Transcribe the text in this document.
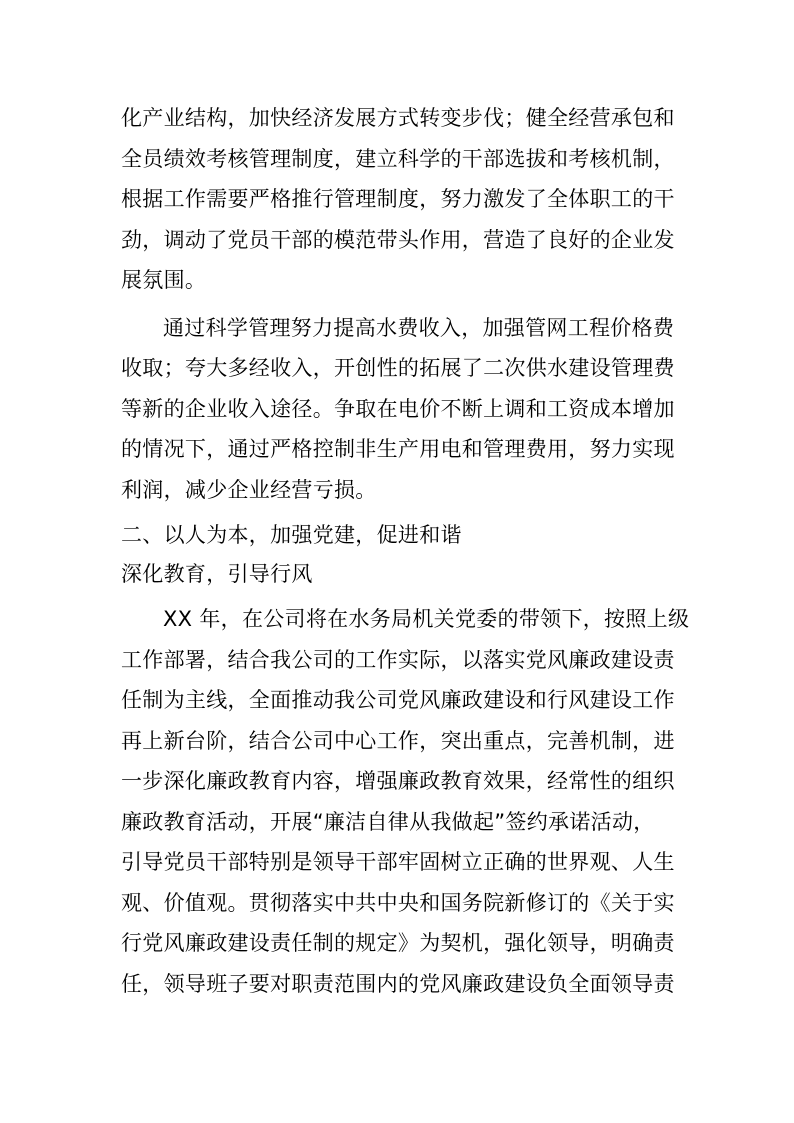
化产业结构，加快经济发展方式转变步伐；健全经营承包和

全员绩效考核管理制度，建立科学的干部选拔和考核机制，

根据工作需要严格推行管理制度，努力激发了全体职工的干

劲，调动了党员干部的模范带头作用，营造了良好的企业发

展氛围。

通过科学管理努力提高水费收入，加强管网工程价格费

收取；夸大多经收入，开创性的拓展了二次供水建设管理费

等新的企业收入途径。争取在电价不断上调和工资成本增加

的情况下，通过严格控制非生产用电和管理费用，努力实现

利润，减少企业经营亏损。

二、以人为本，加强党建，促进和谐

深化教育，引导行风

XX 年，在公司将在水务局机关党委的带领下，按照上级

工作部署，结合我公司的工作实际，以落实党风廉政建设责

任制为主线，全面推动我公司党风廉政建设和行风建设工作

再上新台阶，结合公司中心工作，突出重点，完善机制，进

一步深化廉政教育内容，增强廉政教育效果，经常性的组织

廉政教育活动，开展“廉洁自律从我做起”签约承诺活动，

引导党员干部特别是领导干部牢固树立正确的世界观、人生

观、价值观。贯彻落实中共中央和国务院新修订的《关于实

行党风廉政建设责任制的规定》为契机，强化领导，明确责

任，领导班子要对职责范围内的党风廉政建设负全面领导责
